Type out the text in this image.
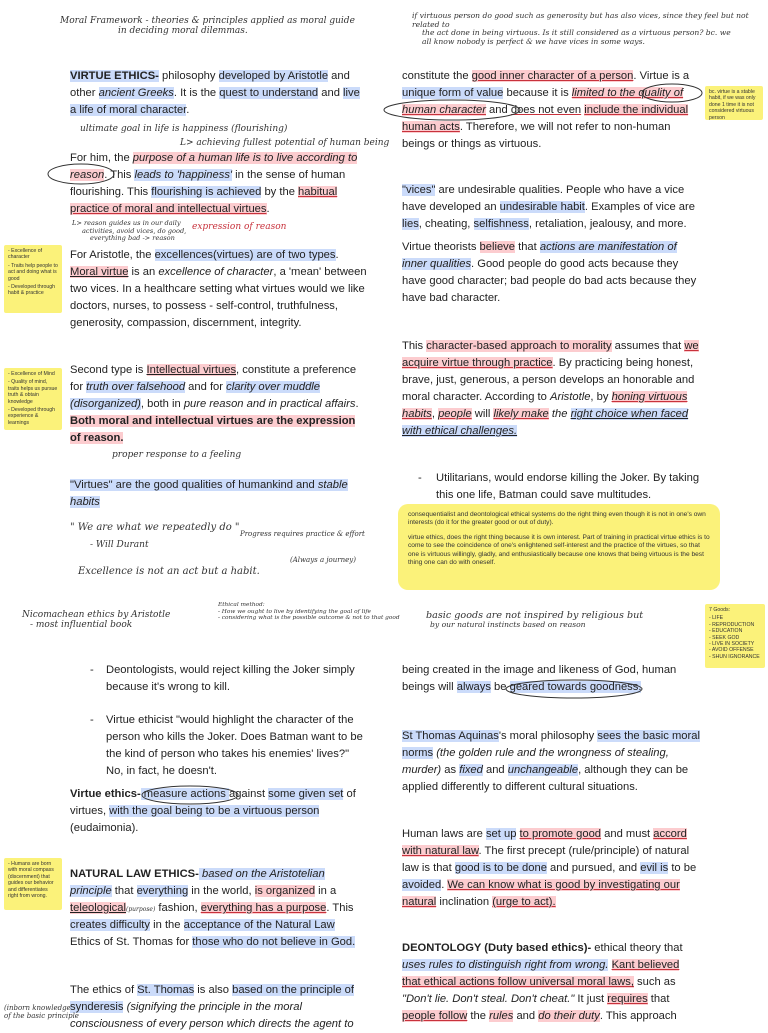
Moral Framework - theories & principles applied as moral guide
in deciding moral dilemmas.
if virtuous person do good such as generosity but has also vices, since they feel but not related to
the act done in being virtuous. Is it still considered as a virtuous person? bc. we
all know nobody is perfect & we have vices in some ways.

VIRTUE ETHICS- philosophy developed by Aristotle and other ancient Greeks. It is the quest to understand and live a life of moral character.

ultimate goal in life is happiness (flourishing)
L> achieving fullest potential of human being

For him, the purpose of a human life is to live according to reason. This leads to 'happiness' in the sense of human flourishing. This flourishing is achieved by the habitual practice of moral and intellectual virtues.

L> reason guides us in our daily
activities, avoid vices, do good,
everything bad -> reason
expression of reason
- Excellence of character
- Traits help people to act and doing what is good
- Developed through habit & practice

For Aristotle, the excellences(virtues) are of two types. Moral virtue is an excellence of character, a 'mean' between two vices. In a healthcare setting what virtues would we like doctors, nurses, to possess - self-control, truthfulness, generosity, compassion, discernment, integrity.

- Excellence of Mind
- Quality of mind, traits helps us pursue truth & obtain knowledge
- Developed through experience & learnings

Second type is Intellectual virtues, constitute a preference for truth over falsehood and for clarity over muddle (disorganized), both in pure reason and in practical affairs. Both moral and intellectual virtues are the expression of reason.

proper response to a feeling

"Virtues" are the good qualities of humankind and stable habits

" We are what we repeatedly do "
- Will Durant
Progress requires practice & effort
(Always a journey)
Excellence is not an act but a habit.
Nicomachean ethics by Aristotle
- most influential book
Ethical method:
- How we ought to live by identifying the goal of life
- considering what is the possible outcome & not to that good
- Deontologists, would reject killing the Joker simply because it's wrong to kill.
- Virtue ethicist "would highlight the character of the person who kills the Joker. Does Batman want to be the kind of person who takes his enemies' lives?" No, in fact, he doesn't.

Virtue ethics- measure actions against some given set of virtues, with the goal being to be a virtuous person (eudaimonia).

- Humans are born with moral compass (discernment) that guides our behavior and differentiates right from wrong.

NATURAL LAW ETHICS- based on the Aristotelian principle that everything in the world, is organized in a teleological(purpose) fashion, everything has a purpose. This creates difficulty in the acceptance of the Natural Law Ethics of St. Thomas for those who do not believe in God.

The ethics of St. Thomas is also based on the principle of synderesis (signifying the principle in the moral consciousness of every person which directs the agent to

(inborn knowledge
of the basic principle

constitute the good inner character of a person. Virtue is a unique form of value because it is limited to the quality of human character and does not even include the individual human acts. Therefore, we will not refer to non-human beings or things as virtuous.

bc. virtue is a stable habit, if we was only done 1 time it is not considered virtuous person

"vices" are undesirable qualities. People who have a vice have developed an undesirable habit. Examples of vice are lies, cheating, selfishness, retaliation, jealousy, and more.

Virtue theorists believe that actions are manifestation of inner qualities. Good people do good acts because they have good character; bad people do bad acts because they have bad character.

This character-based approach to morality assumes that we acquire virtue through practice. By practicing being honest, brave, just, generous, a person develops an honorable and moral character. According to Aristotle, by honing virtuous habits, people will likely make the right choice when faced with ethical challenges.

- Utilitarians, would endorse killing the Joker. By taking this one life, Batman could save multitudes.

consequentialist and deontological ethical systems do the right thing even though it is not in one's own interests (do it for the greater good or out of duty).

virtue ethics, does the right thing because it is own interest. Part of training in practical virtue ethics is to come to see the coincidence of one's enlightened self-interest and the practice of the virtues, so that one is virtuous willingly, gladly, and enthusiastically because one knows that being virtuous is the best thing one can do with oneself.

7 Goods:
- LIFE
- REPRODUCTION
- EDUCATION
- SEEK GOD
- LIVE IN SOCIETY
- AVOID OFFENSE
- SHUN IGNORANCE
basic goods are not inspired by religious but
by our natural instincts based on reason

being created in the image and likeness of God, human beings will always be geared towards goodness.

St Thomas Aquinas's moral philosophy sees the basic moral norms (the golden rule and the wrongness of stealing, murder) as fixed and unchangeable, although they can be applied differently to different cultural situations.

Human laws are set up to promote good and must accord with natural law. The first precept (rule/principle) of natural law is that good is to be done and pursued, and evil is to be avoided. We can know what is good by investigating our natural inclination (urge to act).

DEONTOLOGY (Duty based ethics)- ethical theory that uses rules to distinguish right from wrong. Kant believed that ethical actions follow universal moral laws, such as "Don't lie. Don't steal. Don't cheat." It just requires that people follow the rules and do their duty. This approach
